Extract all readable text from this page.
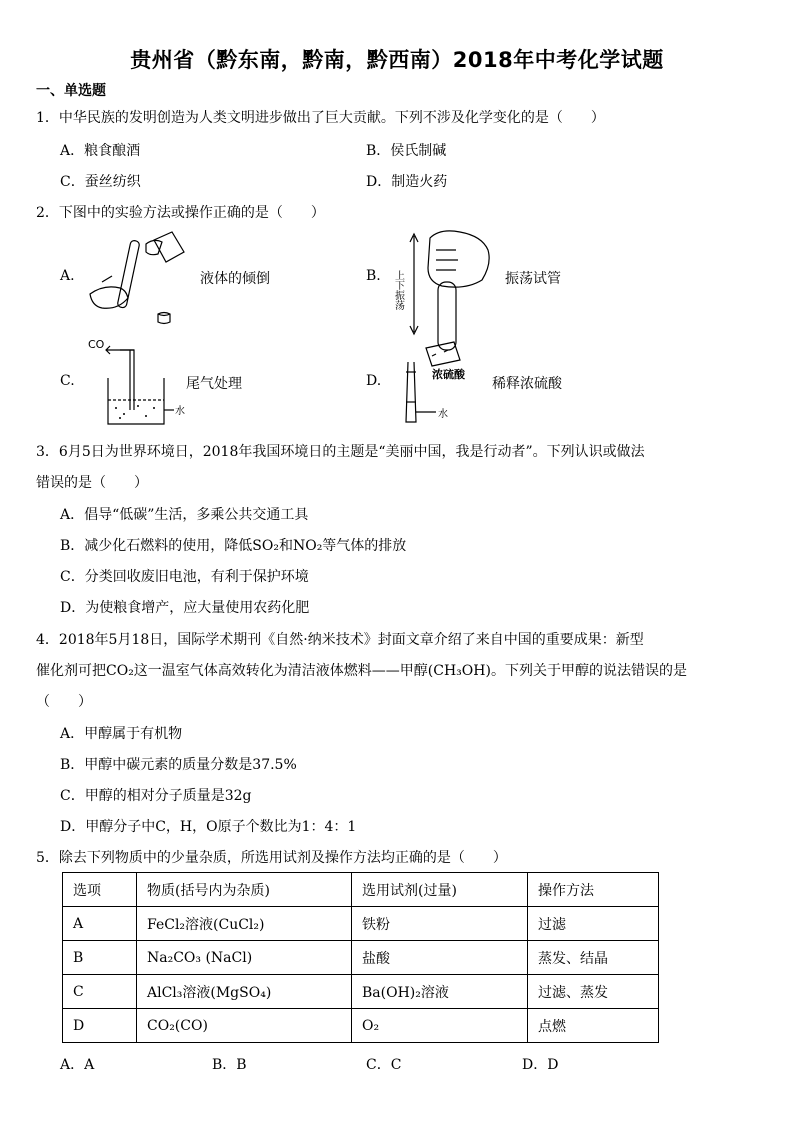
贵州省（黔东南，黔南，黔西南）2018年中考化学试题
一、单选题
1．中华民族的发明创造为人类文明进步做出了巨大贡献。下列不涉及化学变化的是（　　）
A．粮食酿酒	B．侯氏制碱
C．蚕丝纺织	D．制造火药
2．下图中的实验方法或操作正确的是（　　）
A.	液体的倾倒	B. 上下振荡	振荡试管
C.
CO
水
尾气处理	D.	浓硫酸
水
稀释浓硫酸
3．6月5日为世界环境日，2018年我国环境日的主题是“美丽中国，我是行动者”。下列认识或做法
错误的是（　　）
A．倡导“低碳”生活，多乘公共交通工具
B．减少化石燃料的使用，降低SO₂和NO₂等气体的排放
C．分类回收废旧电池，有利于保护环境
D．为使粮食增产，应大量使用农药化肥
4．2018年5月18日，国际学术期刊《自然·纳米技术》封面文章介绍了来自中国的重要成果：新型
催化剂可把CO₂这一温室气体高效转化为清洁液体燃料——甲醇(CH₃OH)。下列关于甲醇的说法错误的是
（　　）
A．甲醇属于有机物
B．甲醇中碳元素的质量分数是37.5%
C．甲醇的相对分子质量是32g
D．甲醇分子中C，H，O原子个数比为1：4：1
5．除去下列物质中的少量杂质，所选用试剂及操作方法均正确的是（　　）
选项	物质(括号内为杂质)	选用试剂(过量)	操作方法
A	FeCl₂溶液(CuCl₂)	铁粉	过滤
B	Na₂CO₃ (NaCl)	盐酸	蒸发、结晶
C	AlCl₃溶液(MgSO₄)	Ba(OH)₂溶液	过滤、蒸发
D	CO₂(CO)	O₂	点燃
A．A	B．B	C．C	D．D
